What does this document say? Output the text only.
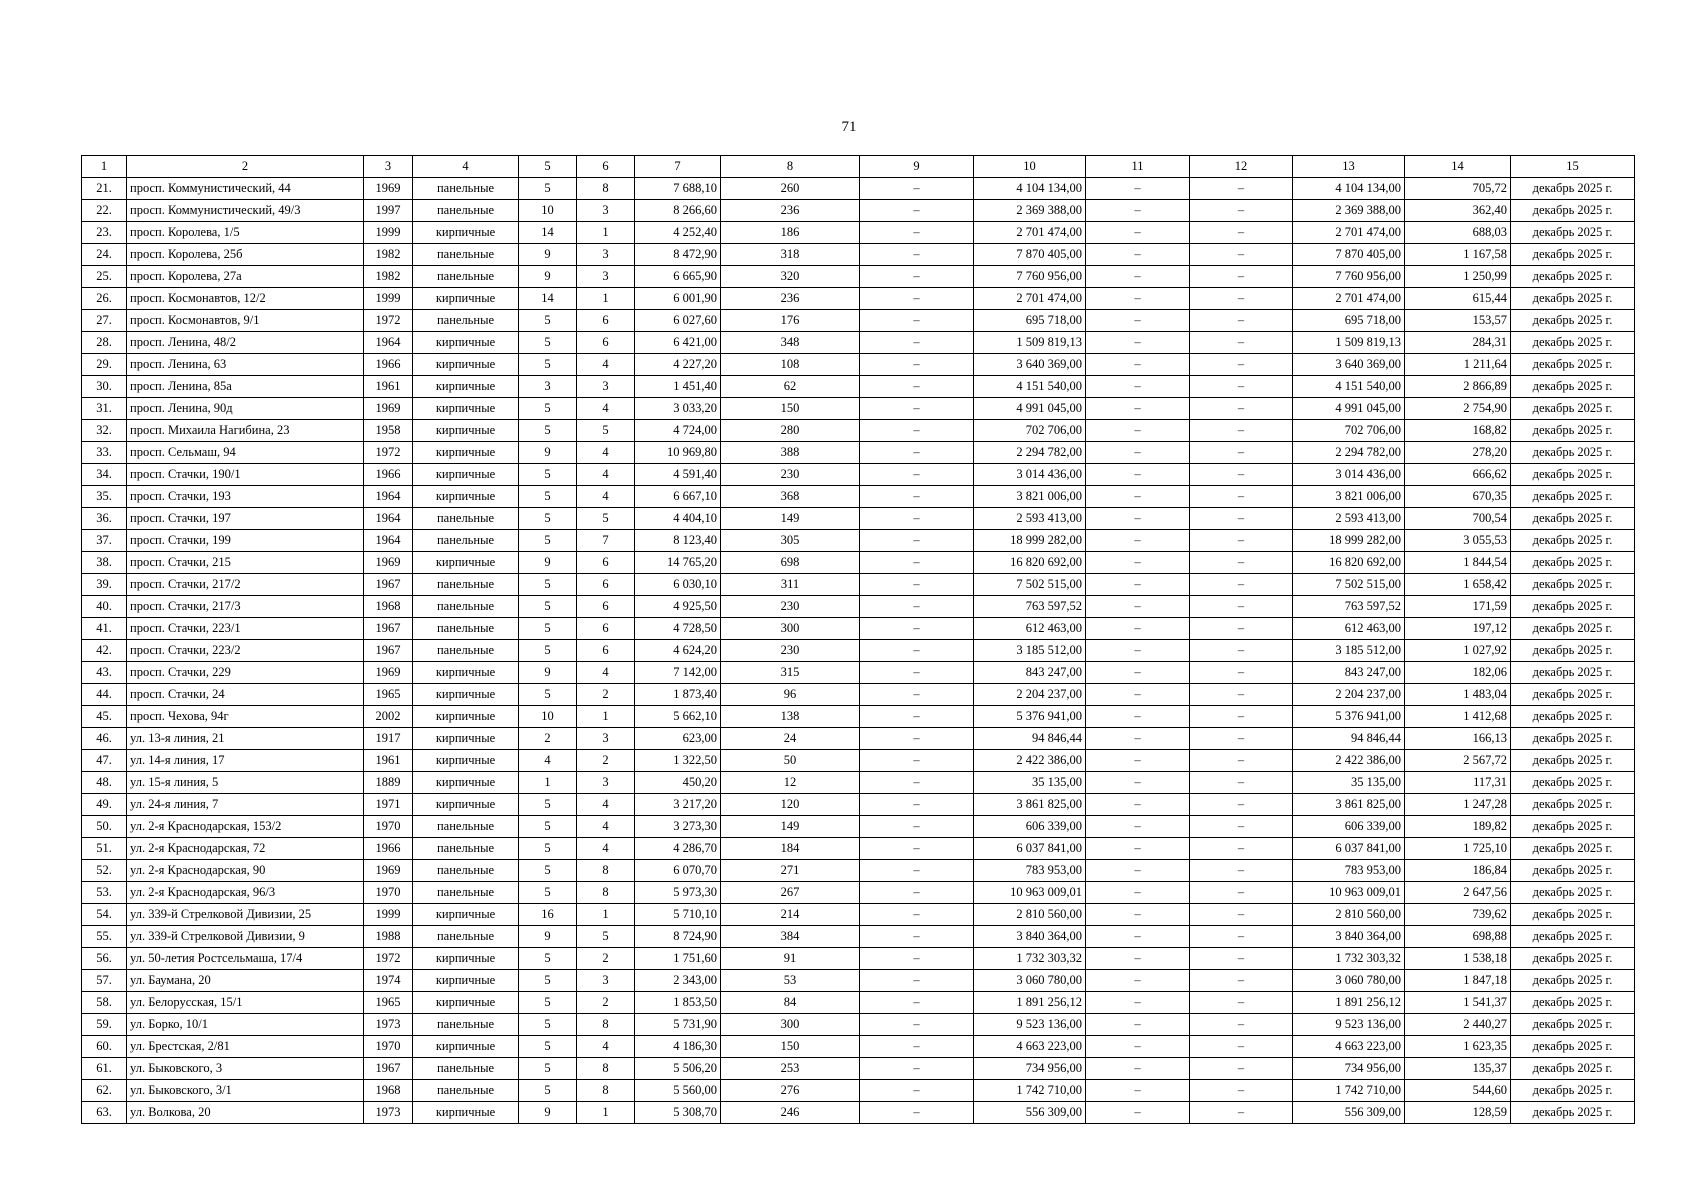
71
1	2	3	4	5	6	7	8	9	10	11	12	13	14	15
21.	просп. Коммунистический, 44	1969	панельные	5	8	7 688,10	260	–	4 104 134,00	–	–	4 104 134,00	705,72	декабрь 2025 г.
22.	просп. Коммунистический, 49/3	1997	панельные	10	3	8 266,60	236	–	2 369 388,00	–	–	2 369 388,00	362,40	декабрь 2025 г.
23.	просп. Королева, 1/5	1999	кирпичные	14	1	4 252,40	186	–	2 701 474,00	–	–	2 701 474,00	688,03	декабрь 2025 г.
24.	просп. Королева, 25б	1982	панельные	9	3	8 472,90	318	–	7 870 405,00	–	–	7 870 405,00	1 167,58	декабрь 2025 г.
25.	просп. Королева, 27а	1982	панельные	9	3	6 665,90	320	–	7 760 956,00	–	–	7 760 956,00	1 250,99	декабрь 2025 г.
26.	просп. Космонавтов, 12/2	1999	кирпичные	14	1	6 001,90	236	–	2 701 474,00	–	–	2 701 474,00	615,44	декабрь 2025 г.
27.	просп. Космонавтов, 9/1	1972	панельные	5	6	6 027,60	176	–	695 718,00	–	–	695 718,00	153,57	декабрь 2025 г.
28.	просп. Ленина, 48/2	1964	кирпичные	5	6	6 421,00	348	–	1 509 819,13	–	–	1 509 819,13	284,31	декабрь 2025 г.
29.	просп. Ленина, 63	1966	кирпичные	5	4	4 227,20	108	–	3 640 369,00	–	–	3 640 369,00	1 211,64	декабрь 2025 г.
30.	просп. Ленина, 85а	1961	кирпичные	3	3	1 451,40	62	–	4 151 540,00	–	–	4 151 540,00	2 866,89	декабрь 2025 г.
31.	просп. Ленина, 90д	1969	кирпичные	5	4	3 033,20	150	–	4 991 045,00	–	–	4 991 045,00	2 754,90	декабрь 2025 г.
32.	просп. Михаила Нагибина, 23	1958	кирпичные	5	5	4 724,00	280	–	702 706,00	–	–	702 706,00	168,82	декабрь 2025 г.
33.	просп. Сельмаш, 94	1972	кирпичные	9	4	10 969,80	388	–	2 294 782,00	–	–	2 294 782,00	278,20	декабрь 2025 г.
34.	просп. Стачки, 190/1	1966	кирпичные	5	4	4 591,40	230	–	3 014 436,00	–	–	3 014 436,00	666,62	декабрь 2025 г.
35.	просп. Стачки, 193	1964	кирпичные	5	4	6 667,10	368	–	3 821 006,00	–	–	3 821 006,00	670,35	декабрь 2025 г.
36.	просп. Стачки, 197	1964	панельные	5	5	4 404,10	149	–	2 593 413,00	–	–	2 593 413,00	700,54	декабрь 2025 г.
37.	просп. Стачки, 199	1964	панельные	5	7	8 123,40	305	–	18 999 282,00	–	–	18 999 282,00	3 055,53	декабрь 2025 г.
38.	просп. Стачки, 215	1969	кирпичные	9	6	14 765,20	698	–	16 820 692,00	–	–	16 820 692,00	1 844,54	декабрь 2025 г.
39.	просп. Стачки, 217/2	1967	панельные	5	6	6 030,10	311	–	7 502 515,00	–	–	7 502 515,00	1 658,42	декабрь 2025 г.
40.	просп. Стачки, 217/3	1968	панельные	5	6	4 925,50	230	–	763 597,52	–	–	763 597,52	171,59	декабрь 2025 г.
41.	просп. Стачки, 223/1	1967	панельные	5	6	4 728,50	300	–	612 463,00	–	–	612 463,00	197,12	декабрь 2025 г.
42.	просп. Стачки, 223/2	1967	панельные	5	6	4 624,20	230	–	3 185 512,00	–	–	3 185 512,00	1 027,92	декабрь 2025 г.
43.	просп. Стачки, 229	1969	кирпичные	9	4	7 142,00	315	–	843 247,00	–	–	843 247,00	182,06	декабрь 2025 г.
44.	просп. Стачки, 24	1965	кирпичные	5	2	1 873,40	96	–	2 204 237,00	–	–	2 204 237,00	1 483,04	декабрь 2025 г.
45.	просп. Чехова, 94г	2002	кирпичные	10	1	5 662,10	138	–	5 376 941,00	–	–	5 376 941,00	1 412,68	декабрь 2025 г.
46.	ул. 13-я линия, 21	1917	кирпичные	2	3	623,00	24	–	94 846,44	–	–	94 846,44	166,13	декабрь 2025 г.
47.	ул. 14-я линия, 17	1961	кирпичные	4	2	1 322,50	50	–	2 422 386,00	–	–	2 422 386,00	2 567,72	декабрь 2025 г.
48.	ул. 15-я линия, 5	1889	кирпичные	1	3	450,20	12	–	35 135,00	–	–	35 135,00	117,31	декабрь 2025 г.
49.	ул. 24-я линия, 7	1971	кирпичные	5	4	3 217,20	120	–	3 861 825,00	–	–	3 861 825,00	1 247,28	декабрь 2025 г.
50.	ул. 2-я Краснодарская, 153/2	1970	панельные	5	4	3 273,30	149	–	606 339,00	–	–	606 339,00	189,82	декабрь 2025 г.
51.	ул. 2-я Краснодарская, 72	1966	панельные	5	4	4 286,70	184	–	6 037 841,00	–	–	6 037 841,00	1 725,10	декабрь 2025 г.
52.	ул. 2-я Краснодарская, 90	1969	панельные	5	8	6 070,70	271	–	783 953,00	–	–	783 953,00	186,84	декабрь 2025 г.
53.	ул. 2-я Краснодарская, 96/3	1970	панельные	5	8	5 973,30	267	–	10 963 009,01	–	–	10 963 009,01	2 647,56	декабрь 2025 г.
54.	ул. 339-й Стрелковой Дивизии, 25	1999	кирпичные	16	1	5 710,10	214	–	2 810 560,00	–	–	2 810 560,00	739,62	декабрь 2025 г.
55.	ул. 339-й Стрелковой Дивизии, 9	1988	панельные	9	5	8 724,90	384	–	3 840 364,00	–	–	3 840 364,00	698,88	декабрь 2025 г.
56.	ул. 50-летия Ростсельмаша, 17/4	1972	кирпичные	5	2	1 751,60	91	–	1 732 303,32	–	–	1 732 303,32	1 538,18	декабрь 2025 г.
57.	ул. Баумана, 20	1974	кирпичные	5	3	2 343,00	53	–	3 060 780,00	–	–	3 060 780,00	1 847,18	декабрь 2025 г.
58.	ул. Белорусская, 15/1	1965	кирпичные	5	2	1 853,50	84	–	1 891 256,12	–	–	1 891 256,12	1 541,37	декабрь 2025 г.
59.	ул. Борко, 10/1	1973	панельные	5	8	5 731,90	300	–	9 523 136,00	–	–	9 523 136,00	2 440,27	декабрь 2025 г.
60.	ул. Брестская, 2/81	1970	кирпичные	5	4	4 186,30	150	–	4 663 223,00	–	–	4 663 223,00	1 623,35	декабрь 2025 г.
61.	ул. Быковского, 3	1967	панельные	5	8	5 506,20	253	–	734 956,00	–	–	734 956,00	135,37	декабрь 2025 г.
62.	ул. Быковского, 3/1	1968	панельные	5	8	5 560,00	276	–	1 742 710,00	–	–	1 742 710,00	544,60	декабрь 2025 г.
63.	ул. Волкова, 20	1973	кирпичные	9	1	5 308,70	246	–	556 309,00	–	–	556 309,00	128,59	декабрь 2025 г.
